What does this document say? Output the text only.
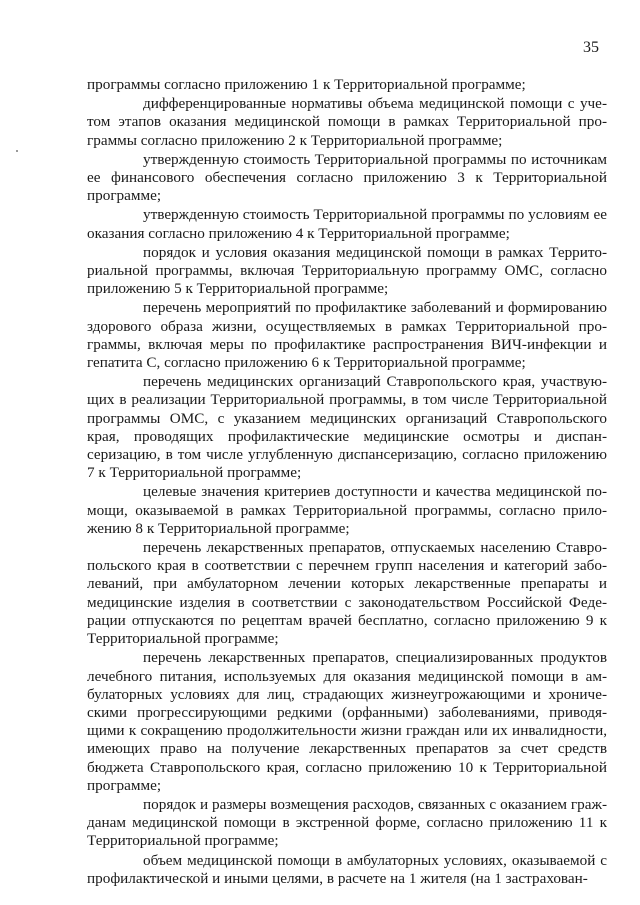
35

программы согласно приложению 1 к Территориальной программе;

дифференцированные нормативы объема медицинской помощи с учетом этапов оказания медицинской помощи в рамках Территориальной программы согласно приложению 2 к Территориальной программе;

утвержденную стоимость Территориальной программы по источникам ее финансового обеспечения согласно приложению 3 к Территориальной программе;

утвержденную стоимость Территориальной программы по условиям ее оказания согласно приложению 4 к Территориальной программе;

порядок и условия оказания медицинской помощи в рамках Территориальной программы, включая Территориальную программу ОМС, согласно приложению 5 к Территориальной программе;

перечень мероприятий по профилактике заболеваний и формированию здорового образа жизни, осуществляемых в рамках Территориальной программы, включая меры по профилактике распространения ВИЧ-инфекции и гепатита С, согласно приложению 6 к Территориальной программе;

перечень медицинских организаций Ставропольского края, участвующих в реализации Территориальной программы, в том числе Территориальной программы ОМС, с указанием медицинских организаций Ставропольского края, проводящих профилактические медицинские осмотры и диспансеризацию, в том числе углубленную диспансеризацию, согласно приложению 7 к Территориальной программе;

целевые значения критериев доступности и качества медицинской помощи, оказываемой в рамках Территориальной программы, согласно приложению 8 к Территориальной программе;

перечень лекарственных препаратов, отпускаемых населению Ставропольского края в соответствии с перечнем групп населения и категорий заболеваний, при амбулаторном лечении которых лекарственные препараты и медицинские изделия в соответствии с законодательством Российской Федерации отпускаются по рецептам врачей бесплатно, согласно приложению 9 к Территориальной программе;

перечень лекарственных препаратов, специализированных продуктов лечебного питания, используемых для оказания медицинской помощи в амбулаторных условиях для лиц, страдающих жизнеугрожающими и хроническими прогрессирующими редкими (орфанными) заболеваниями, приводящими к сокращению продолжительности жизни граждан или их инвалидности, имеющих право на получение лекарственных препаратов за счет средств бюджета Ставропольского края, согласно приложению 10 к Территориальной программе;

порядок и размеры возмещения расходов, связанных с оказанием гражданам медицинской помощи в экстренной форме, согласно приложению 11 к Территориальной программе;

объем медицинской помощи в амбулаторных условиях, оказываемой с профилактической и иными целями, в расчете на 1 жителя (на 1 застрахован-
